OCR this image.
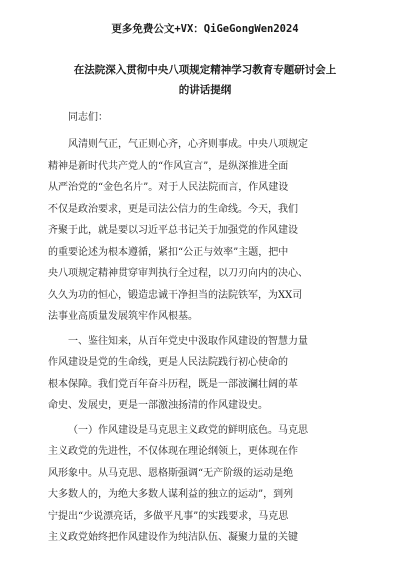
更多免费公文+VX：QiGeGongWen2024
在法院深入贯彻中央八项规定精神学习教育专题研讨会上
的讲话提纲

同志们：

风清则气正，气正则心齐，心齐则事成。中央八项规定
精神是新时代共产党人的“作风宣言”，是纵深推进全面
从严治党的“金色名片”。对于人民法院而言，作风建设
不仅是政治要求，更是司法公信力的生命线。今天，我们
齐聚于此，就是要以习近平总书记关于加强党的作风建设
的重要论述为根本遵循，紧扣“公正与效率”主题，把中
央八项规定精神贯穿审判执行全过程，以刀刃向内的决心、
久久为功的恒心，锻造忠诚干净担当的法院铁军，为XX司
法事业高质量发展筑牢作风根基。
一、鉴往知来，从百年党史中汲取作风建设的智慧力量
作风建设是党的生命线，更是人民法院践行初心使命的
根本保障。我们党百年奋斗历程，既是一部波澜壮阔的革
命史、发展史，更是一部激浊扬清的作风建设史。
（一）作风建设是马克思主义政党的鲜明底色。马克思
主义政党的先进性，不仅体现在理论纲领上，更体现在作
风形象中。从马克思、恩格斯强调“无产阶级的运动是绝
大多数人的，为绝大多数人谋利益的独立的运动”，到列
宁提出“少说漂亮话，多做平凡事”的实践要求，马克思
主义政党始终把作风建设作为纯洁队伍、凝聚力量的关键
